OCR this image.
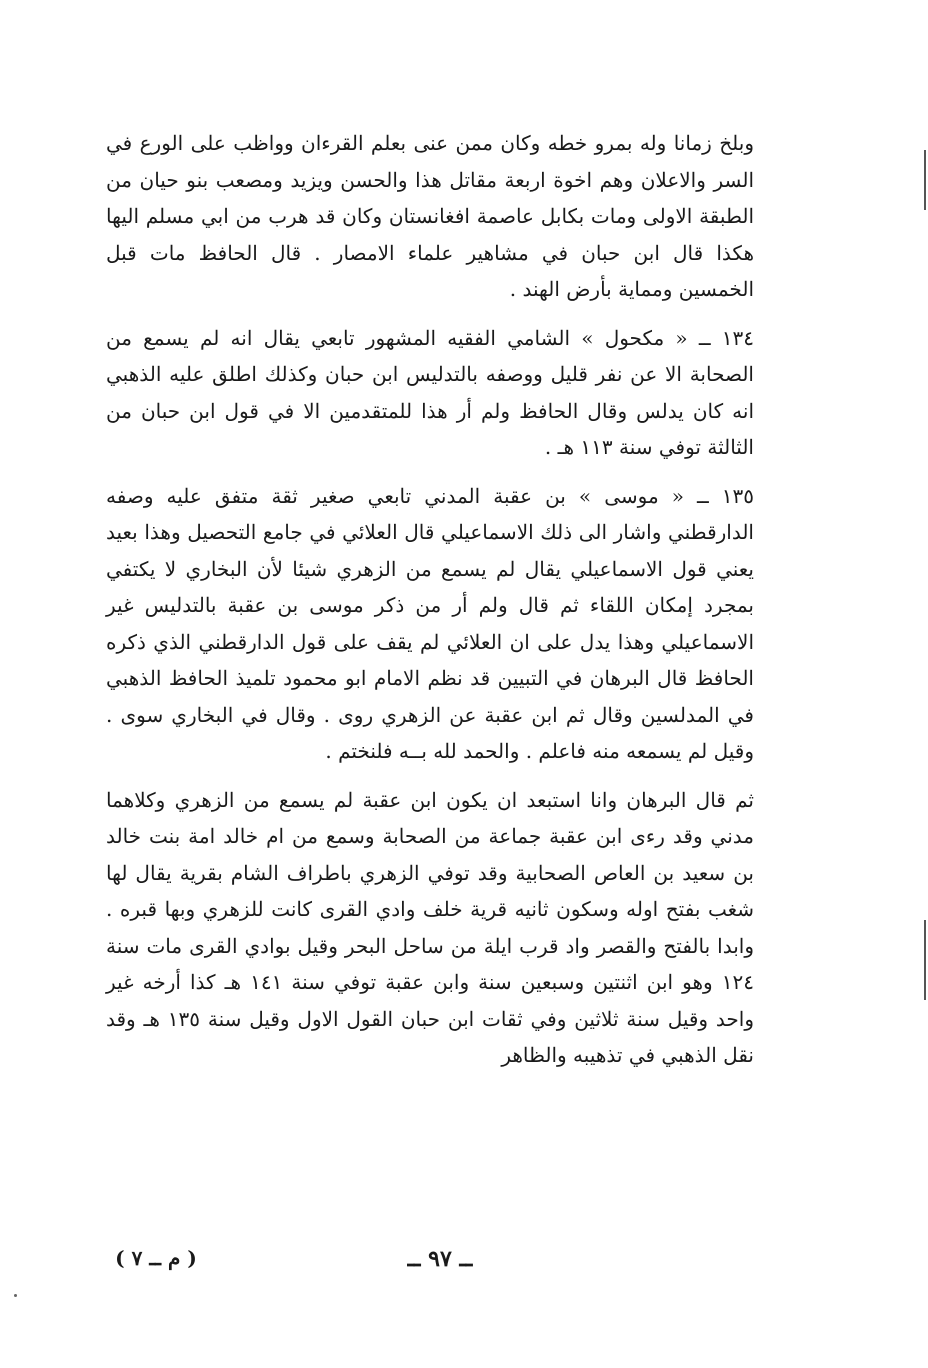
وبلخ زمانا وله بمرو خطه وكان ممن عنى بعلم القرءان وواظب على الورع في السر والاعلان وهم اخوة اربعة مقاتل هذا والحسن ويزيد ومصعب بنو حيان من الطبقة الاولى ومات بكابل عاصمة افغانستان وكان قد هرب من ابي مسلم اليها هكذا قال ابن حبان في مشاهير علماء الامصار . قال الحافظ مات قبل الخمسين ومماية بأرض الهند .

١٣٤ ــ « مكحول » الشامي الفقيه المشهور تابعي يقال انه لم يسمع من الصحابة الا عن نفر قليل ووصفه بالتدليس ابن حبان وكذلك اطلق عليه الذهبي انه كان يدلس وقال الحافظ ولم أر هذا للمتقدمين الا في قول ابن حبان من الثالثة توفي سنة ١١٣ هـ .

١٣٥ ــ « موسى » بن عقبة المدني تابعي صغير ثقة متفق عليه وصفه الدارقطني واشار الى ذلك الاسماعيلي قال العلائي في جامع التحصيل وهذا بعيد يعني قول الاسماعيلي يقال لم يسمع من الزهري شيئا لأن البخاري لا يكتفي بمجرد إمكان اللقاء ثم قال ولم أر من ذكر موسى بن عقبة بالتدليس غير الاسماعيلي وهذا يدل على ان العلائي لم يقف على قول الدارقطني الذي ذكره الحافظ قال البرهان في التبيين قد نظم الامام ابو محمود تلميذ الحافظ الذهبي في المدلسين وقال ثم ابن عقبة عن الزهري روى . وقال في البخاري سوى . وقيل لم يسمعه منه فاعلم . والحمد لله بــه فلنختم .

ثم قال البرهان وانا استبعد ان يكون ابن عقبة لم يسمع من الزهري وكلاهما مدني وقد رءى ابن عقبة جماعة من الصحابة وسمع من ام خالد امة بنت خالد بن سعيد بن العاص الصحابية وقد توفي الزهري باطراف الشام بقرية يقال لها شغب بفتح اوله وسكون ثانيه قرية خلف وادي القرى كانت للزهري وبها قبره . وابدا بالفتح والقصر واد قرب ايلة من ساحل البحر وقيل بوادي القرى مات سنة ١٢٤ وهو ابن اثنتين وسبعين سنة وابن عقبة توفي سنة ١٤١ هـ كذا أرخه غير واحد وقيل سنة ثلاثين وفي ثقات ابن حبان القول الاول وقيل سنة ١٣٥ هـ وقد نقل الذهبي في تذهيبه والظاهر

ــ ٩٧ ــ
( م ــ ٧ )
